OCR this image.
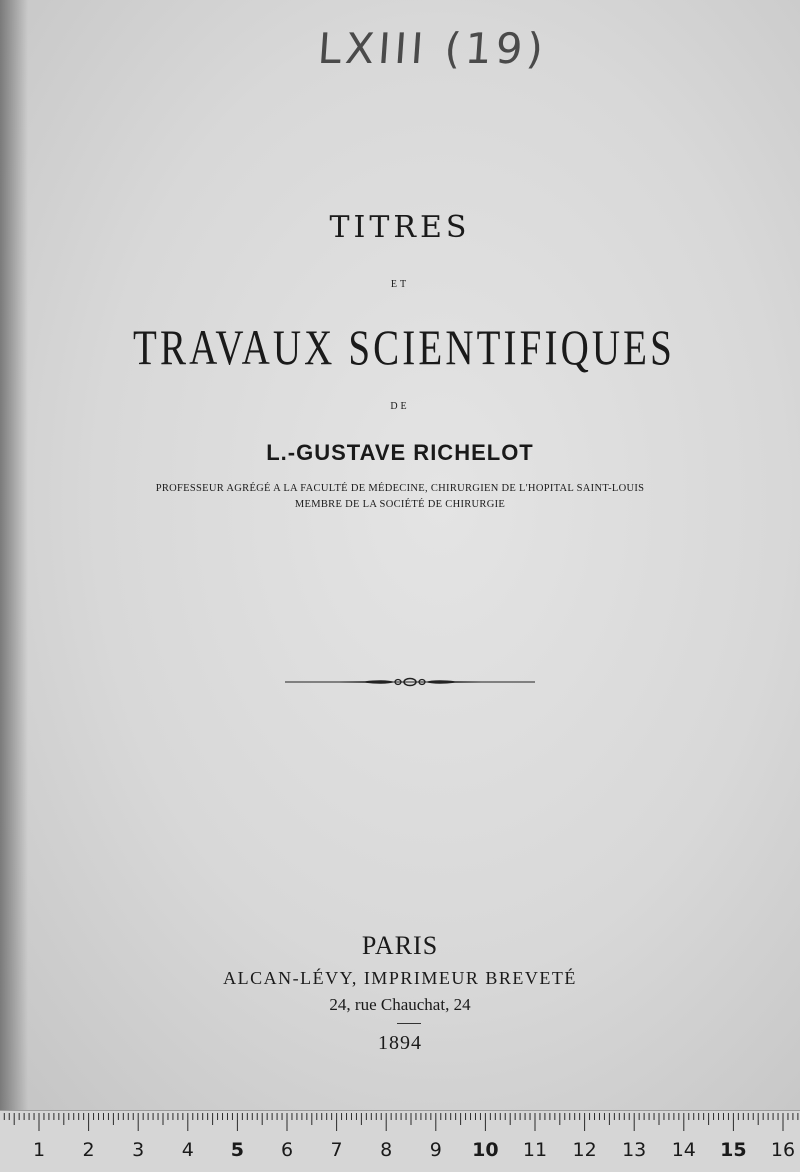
LXIII (19)
TITRES
ET
TRAVAUX SCIENTIFIQUES
DE
L.-GUSTAVE RICHELOT
PROFESSEUR AGRÉGÉ A LA FACULTÉ DE MÉDECINE, CHIRURGIEN DE L'HOPITAL SAINT-LOUIS
MEMBRE DE LA SOCIÉTÉ DE CHIRURGIE
PARIS
ALCAN-LÉVY, IMPRIMEUR BREVETÉ
24, rue Chauchat, 24
1894
1	2	3	4	5	6	7	8	9	10 11 12 13 14 15 16
